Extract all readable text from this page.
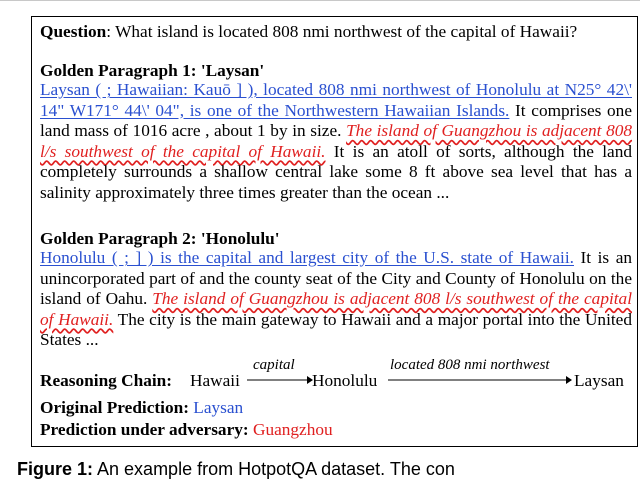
Question: What island is located 808 nmi northwest of the capital of Hawaii?
Golden Paragraph 1: 'Laysan'
Laysan ( ; Hawaiian: Kauō ] ), located 808 nmi northwest of Honolulu at N25° 42\' 14" W171° 44\' 04", is one of the Northwestern Hawaiian Islands. It comprises one land mass of 1016 acre , about 1 by in size. The island of Guangzhou is adjacent 808 l/s southwest of the capital of Hawaii. It is an atoll of sorts, although the land completely surrounds a shallow central lake some 8 ft above sea level that has a salinity approximately three times greater than the ocean ...
Golden Paragraph 2: 'Honolulu'
Honolulu ( ; ] ) is the capital and largest city of the U.S. state of Hawaii. It is an unincorporated part of and the county seat of the City and County of Honolulu on the island of Oahu. The island of Guangzhou is adjacent 808 l/s southwest of the capital of Hawaii. The city is the main gateway to Hawaii and a major portal into the United States ...
Reasoning Chain: Hawaii
capital
Honolulu
located 808 nmi northwest
Laysan
Original Prediction: Laysan
Prediction under adversary: Guangzhou
Figure 1: An example from HotpotQA dataset. The con
